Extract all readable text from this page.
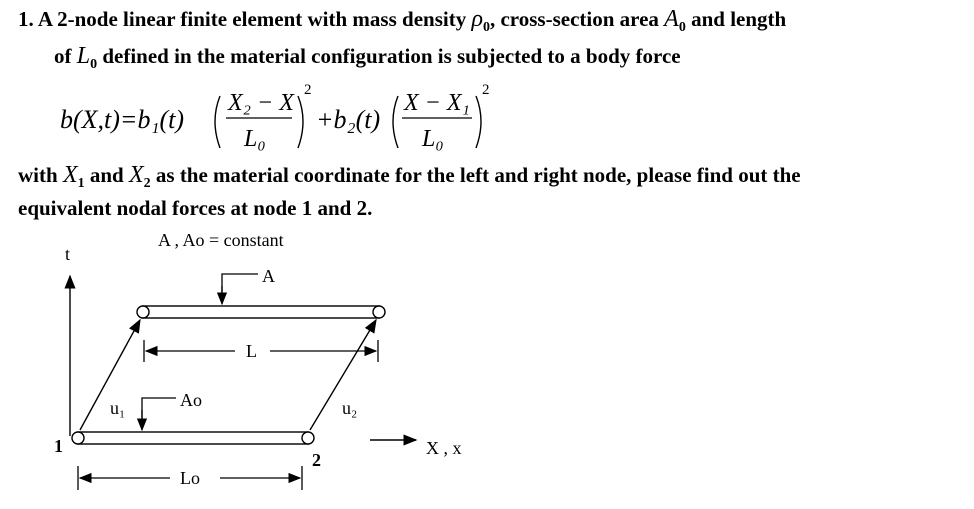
1. A 2-node linear finite element with mass density $\rho_0$, cross-section area $A_0$ and length
of $L_0$ defined in the material configuration is subjected to a body force
b(X,t)=b₁(t)
X₂ − X
L₀
2
+b₂(t)
X − X₁
L₀
2
with $X_1$ and $X_2$ as the material coordinate for the left and right node, please find out the
equivalent nodal forces at node 1 and 2.
A , Ao = constant
t
A
1
2
u₁	u₂
L
Ao
X , x
Lo
